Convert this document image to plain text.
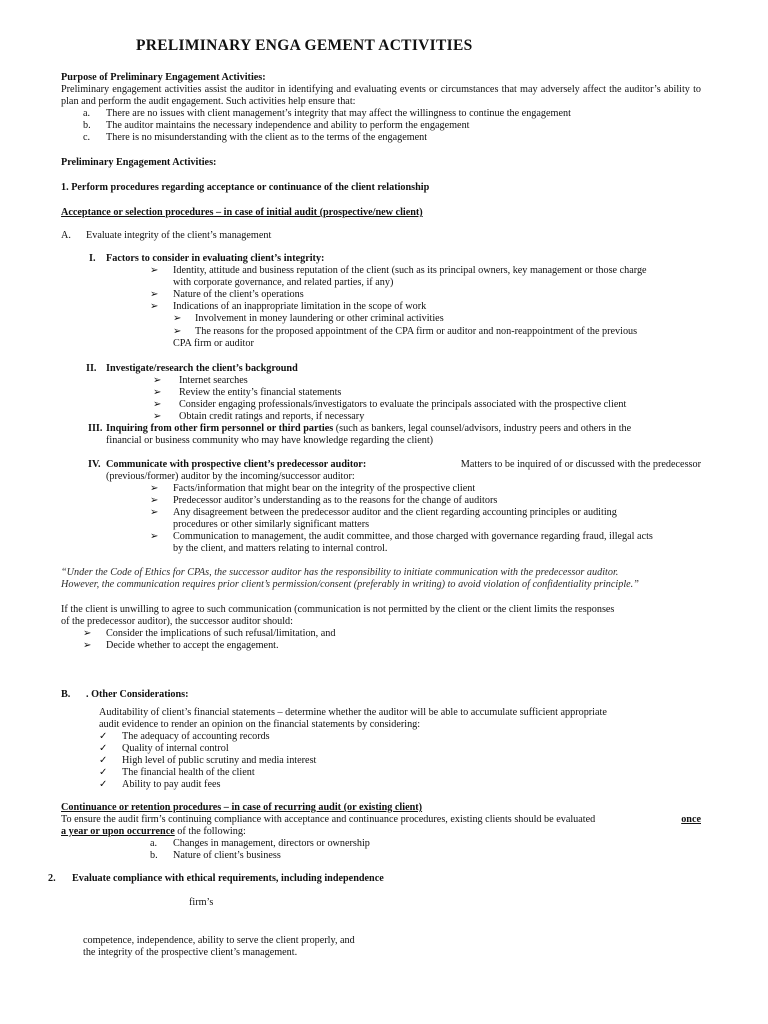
PRELIMINARY ENGA GEMENT ACTIVITIES
Purpose of Preliminary Engagement Activities:
Preliminary engagement activities assist the auditor in identifying and evaluating events or circumstances that may adversely affect the auditor’s ability to plan and perform the audit engagement. Such activities help ensure that:
a. There are no issues with client management’s integrity that may affect the willingness to continue the engagement
b. The auditor maintains the necessary independence and ability to perform the engagement
c. There is no misunderstanding with the client as to the terms of the engagement
Preliminary Engagement Activities:
1. Perform procedures regarding acceptance or continuance of the client relationship
Acceptance or selection procedures – in case of initial audit (prospective/new client)
A. Evaluate integrity of the client’s management
I. Factors to consider in evaluating client’s integrity:
➢ Identity, attitude and business reputation of the client (such as its principal owners, key management or those charge
with corporate governance, and related parties, if any)
➢ Nature of the client’s operations
➢ Indications of an inappropriate limitation in the scope of work
➢ Involvement in money laundering or other criminal activities
➢ The reasons for the proposed appointment of the CPA firm or auditor and non-reappointment of the previous
CPA firm or auditor
II. Investigate/research the client’s background
➢ Internet searches
➢ Review the entity’s financial statements
➢ Consider engaging professionals/investigators to evaluate the principals associated with the prospective client
➢ Obtain credit ratings and reports, if necessary
III. Inquiring from other firm personnel or third parties (such as bankers, legal counsel/advisors, industry peers and others in the
financial or business community who may have knowledge regarding the client)
IV. Communicate with prospective client’s predecessor auditor:	Matters to be inquired of or discussed with the predecessor
(previous/former) auditor by the incoming/successor auditor:
➢ Facts/information that might bear on the integrity of the prospective client
➢ Predecessor auditor’s understanding as to the reasons for the change of auditors
➢ Any disagreement between the predecessor auditor and the client regarding accounting principles or auditing
procedures or other similarly significant matters
➢ Communication to management, the audit committee, and those charged with governance regarding fraud, illegal acts
by the client, and matters relating to internal control.
“Under the Code of Ethics for CPAs, the successor auditor has the responsibility to initiate communication with the predecessor auditor.
However, the communication requires prior client’s permission/consent (preferably in writing) to avoid violation of confidentiality principle.”
If the client is unwilling to agree to such communication (communication is not permitted by the client or the client limits the responses
of the predecessor auditor), the successor auditor should:
➢ Consider the implications of such refusal/limitation, and
➢ Decide whether to accept the engagement.
B. . Other Considerations:
Auditability of client’s financial statements – determine whether the auditor will be able to accumulate sufficient appropriate
audit evidence to render an opinion on the financial statements by considering:
✓ The adequacy of accounting records
✓ Quality of internal control
✓ High level of public scrutiny and media interest
✓ The financial health of the client
✓ Ability to pay audit fees
Continuance or retention procedures – in case of recurring audit (or existing client)
To ensure the audit firm’s continuing compliance with acceptance and continuance procedures, existing clients should be evaluated	once
a year or upon occurrence of the following:
a. Changes in management, directors or ownership
b. Nature of client’s business
2. Evaluate compliance with ethical requirements, including independence
firm’s
competence, independence, ability to serve the client properly, and
the integrity of the prospective client’s management.
